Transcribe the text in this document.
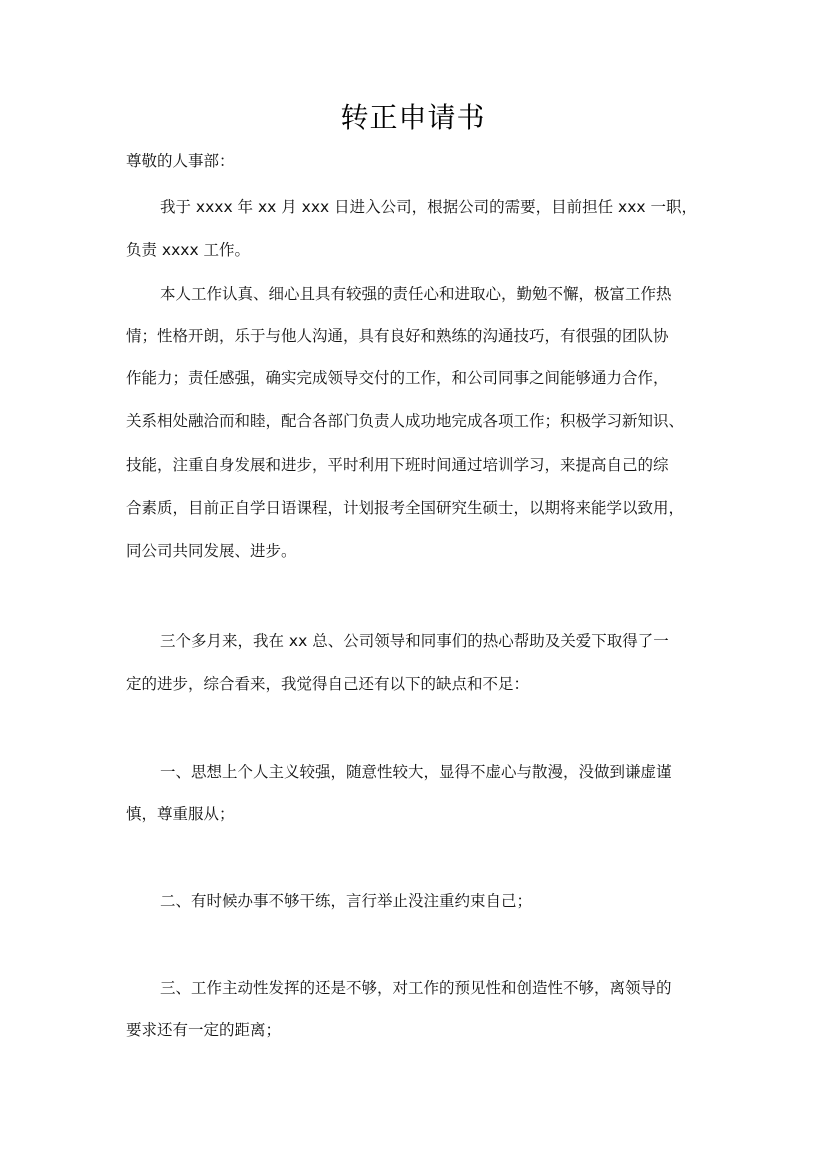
转正申请书
尊敬的人事部：
我于 xxxx 年 xx 月 xxx 日进入公司，根据公司的需要，目前担任 xxx 一职，
负责 xxxx 工作。
本人工作认真、细心且具有较强的责任心和进取心，勤勉不懈，极富工作热
情；性格开朗，乐于与他人沟通，具有良好和熟练的沟通技巧，有很强的团队协
作能力；责任感强，确实完成领导交付的工作，和公司同事之间能够通力合作，
关系相处融洽而和睦，配合各部门负责人成功地完成各项工作；积极学习新知识、
技能，注重自身发展和进步，平时利用下班时间通过培训学习，来提高自己的综
合素质，目前正自学日语课程，计划报考全国研究生硕士，以期将来能学以致用，
同公司共同发展、进步。
三个多月来，我在 xx 总、公司领导和同事们的热心帮助及关爱下取得了一
定的进步，综合看来，我觉得自己还有以下的缺点和不足：
一、思想上个人主义较强，随意性较大，显得不虚心与散漫，没做到谦虚谨
慎，尊重服从；
二、有时候办事不够干练，言行举止没注重约束自己；
三、工作主动性发挥的还是不够，对工作的预见性和创造性不够，离领导的
要求还有一定的距离；
